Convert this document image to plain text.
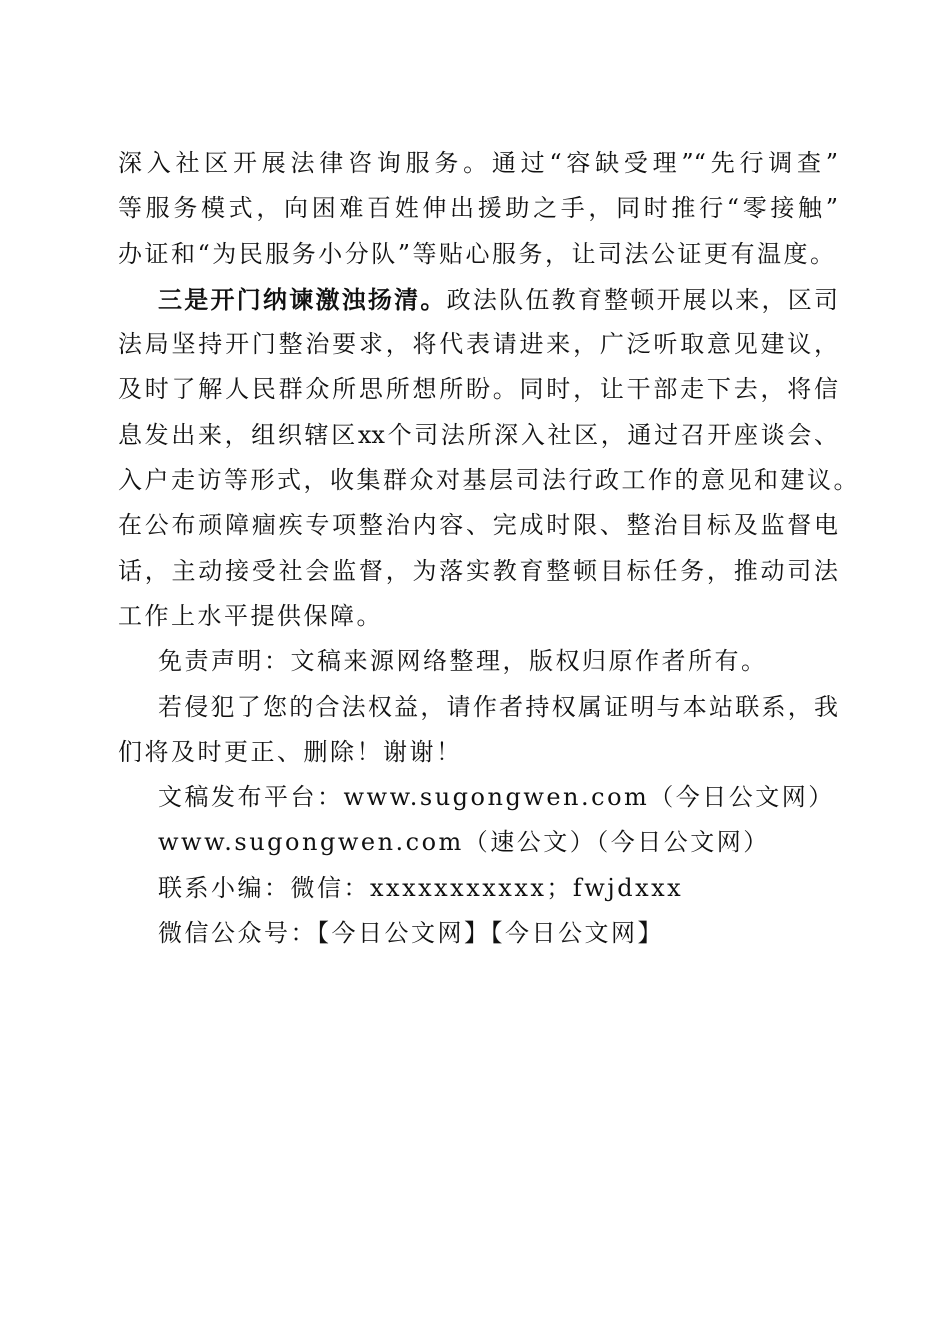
深入社区开展法律咨询服务。通过“容缺受理”“先行调查”
等服务模式，向困难百姓伸出援助之手，同时推行“零接触”
办证和“为民服务小分队”等贴心服务，让司法公证更有温度。
三是开门纳谏激浊扬清。政法队伍教育整顿开展以来，区司
法局坚持开门整治要求，将代表请进来，广泛听取意见建议，
及时了解人民群众所思所想所盼。同时，让干部走下去，将信
息发出来，组织辖区xx个司法所深入社区，通过召开座谈会、
入户走访等形式，收集群众对基层司法行政工作的意见和建议。
在公布顽障痼疾专项整治内容、完成时限、整治目标及监督电
话，主动接受社会监督，为落实教育整顿目标任务，推动司法
工作上水平提供保障。
免责声明：文稿来源网络整理，版权归原作者所有。
若侵犯了您的合法权益，请作者持权属证明与本站联系，我
们将及时更正、删除！谢谢！
文稿发布平台：www.sugongwen.com（今日公文网）
www.sugongwen.com（速公文）（今日公文网）
联系小编：微信：xxxxxxxxxxx；fwjdxxx
微信公众号：【今日公文网】【今日公文网】
